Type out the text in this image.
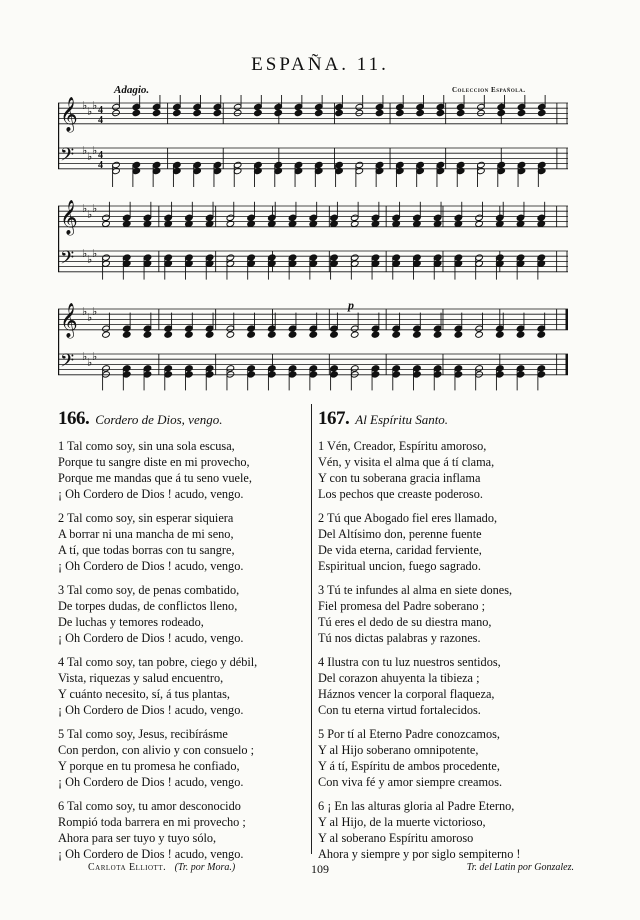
ESPAÑA. 11.
Adagio.	Coleccion Española.
𝄞 ♭ ♭ ♭ 4
4
𝄢 ♭ ♭ ♭ 4
4
𝄞 ♭ ♭ ♭
𝄢 ♭ ♭ ♭
𝄞 ♭ ♭ ♭
𝄢 ♭ ♭ ♭
p
166. Cordero de Dios, vengo.
1 Tal como soy, sin una sola escusa,
Porque tu sangre diste en mi provecho,
Porque me mandas que á tu seno vuele,
¡ Oh Cordero de Dios ! acudo, vengo.
2 Tal como soy, sin esperar siquiera
A borrar ni una mancha de mi seno,
A tí, que todas borras con tu sangre,
¡ Oh Cordero de Dios ! acudo, vengo.
3 Tal como soy, de penas combatido,
De torpes dudas, de conflictos lleno,
De luchas y temores rodeado,
¡ Oh Cordero de Dios ! acudo, vengo.
4 Tal como soy, tan pobre, ciego y débil,
Vista, riquezas y salud encuentro,
Y cuánto necesito, sí, á tus plantas,
¡ Oh Cordero de Dios ! acudo, vengo.
5 Tal como soy, Jesus, recibírásme
Con perdon, con alivio y con consuelo ;
Y porque en tu promesa he confiado,
¡ Oh Cordero de Dios ! acudo, vengo.
6 Tal como soy, tu amor desconocido
Rompió toda barrera en mi provecho ;
Ahora para ser tuyo y tuyo sólo,
¡ Oh Cordero de Dios ! acudo, vengo.
Carlota Elliott. (Tr. por Mora.)
167. Al Espíritu Santo.
1 Vén, Creador, Espíritu amoroso,
Vén, y visita el alma que á tí clama,
Y con tu soberana gracia inflama
Los pechos que creaste poderoso.
2 Tú que Abogado fiel eres llamado,
Del Altísimo don, perenne fuente
De vida eterna, caridad ferviente,
Espiritual uncion, fuego sagrado.
3 Tú te infundes al alma en siete dones,
Fiel promesa del Padre soberano ;
Tú eres el dedo de su diestra mano,
Tú nos dictas palabras y razones.
4 Ilustra con tu luz nuestros sentidos,
Del corazon ahuyenta la tibieza ;
Háznos vencer la corporal flaqueza,
Con tu eterna virtud fortalecidos.
5 Por tí al Eterno Padre conozcamos,
Y al Hijo soberano omnipotente,
Y á tí, Espíritu de ambos procedente,
Con viva fé y amor siempre creamos.
6 ¡ En las alturas gloria al Padre Eterno,
Y al Hijo, de la muerte victorioso,
Y al soberano Espíritu amoroso
Ahora y siempre y por siglo sempiterno !
Tr. del Latin por Gonzalez.
109
